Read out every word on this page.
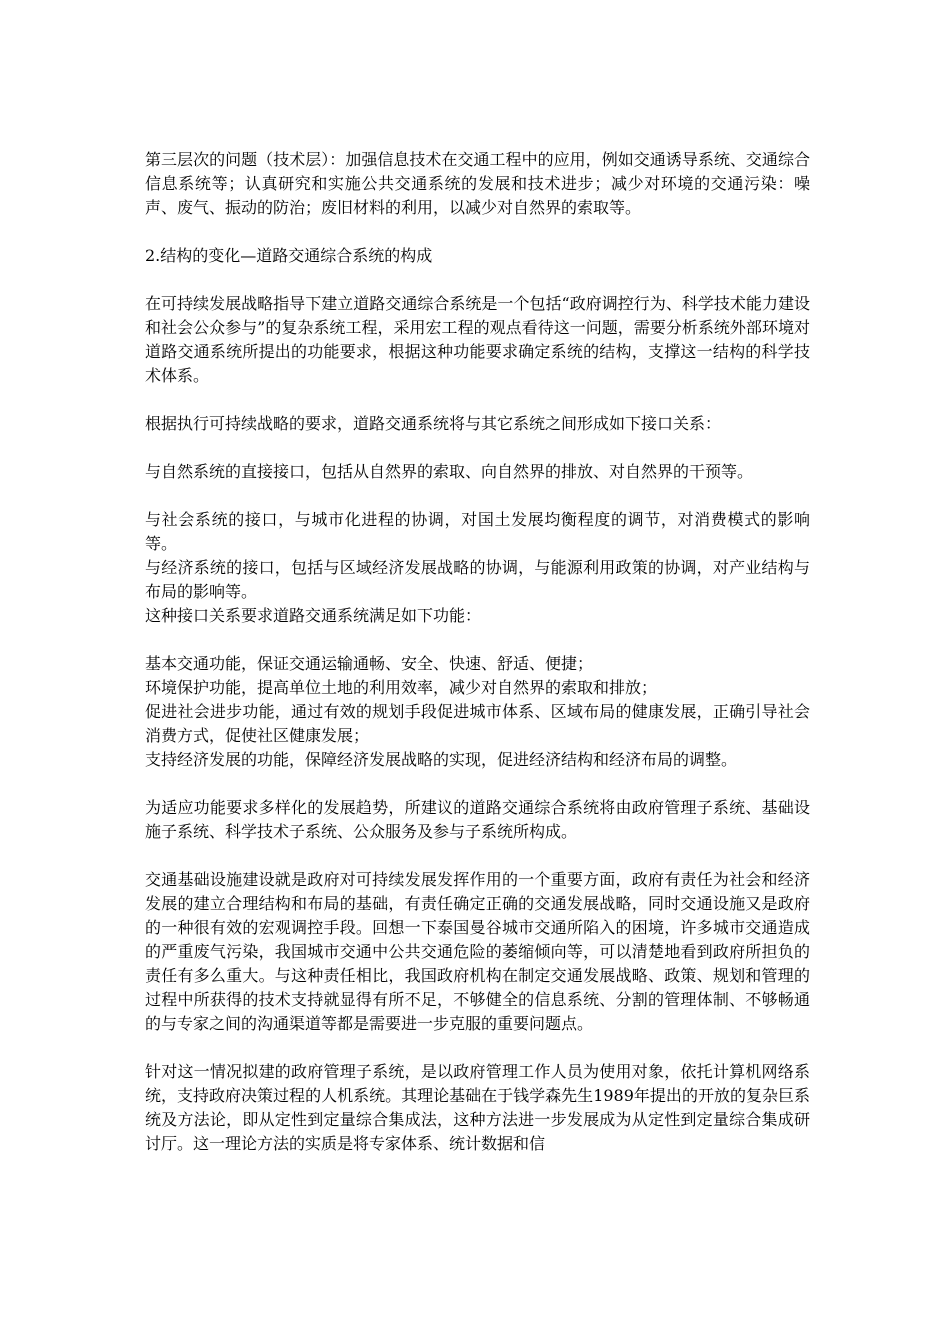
第三层次的问题（技术层）：加强信息技术在交通工程中的应用，例如交通诱导系统、交通综合信息系统等；认真研究和实施公共交通系统的发展和技术进步；减少对环境的交通污染：噪声、废气、振动的防治；废旧材料的利用，以减少对自然界的索取等。

2.结构的变化—道路交通综合系统的构成

在可持续发展战略指导下建立道路交通综合系统是一个包括“政府调控行为、科学技术能力建设和社会公众参与”的复杂系统工程，采用宏工程的观点看待这一问题，需要分析系统外部环境对道路交通系统所提出的功能要求，根据这种功能要求确定系统的结构，支撑这一结构的科学技术体系。

根据执行可持续战略的要求，道路交通系统将与其它系统之间形成如下接口关系：

与自然系统的直接接口，包括从自然界的索取、向自然界的排放、对自然界的干预等。

与社会系统的接口，与城市化进程的协调，对国土发展均衡程度的调节，对消费模式的影响等。

与经济系统的接口，包括与区域经济发展战略的协调，与能源利用政策的协调，对产业结构与布局的影响等。

这种接口关系要求道路交通系统满足如下功能：

基本交通功能，保证交通运输通畅、安全、快速、舒适、便捷；

环境保护功能，提高单位土地的利用效率，减少对自然界的索取和排放；

促进社会进步功能，通过有效的规划手段促进城市体系、区域布局的健康发展，正确引导社会消费方式，促使社区健康发展；

支持经济发展的功能，保障经济发展战略的实现，促进经济结构和经济布局的调整。

为适应功能要求多样化的发展趋势，所建议的道路交通综合系统将由政府管理子系统、基础设施子系统、科学技术子系统、公众服务及参与子系统所构成。

交通基础设施建设就是政府对可持续发展发挥作用的一个重要方面，政府有责任为社会和经济发展的建立合理结构和布局的基础，有责任确定正确的交通发展战略，同时交通设施又是政府的一种很有效的宏观调控手段。回想一下泰国曼谷城市交通所陷入的困境，许多城市交通造成的严重废气污染，我国城市交通中公共交通危险的萎缩倾向等，可以清楚地看到政府所担负的责任有多么重大。与这种责任相比，我国政府机构在制定交通发展战略、政策、规划和管理的过程中所获得的技术支持就显得有所不足，不够健全的信息系统、分割的管理体制、不够畅通的与专家之间的沟通渠道等都是需要进一步克服的重要问题点。

针对这一情况拟建的政府管理子系统，是以政府管理工作人员为使用对象，依托计算机网络系统，支持政府决策过程的人机系统。其理论基础在于钱学森先生1989年提出的开放的复杂巨系统及方法论，即从定性到定量综合集成法，这种方法进一步发展成为从定性到定量综合集成研讨厅。这一理论方法的实质是将专家体系、统计数据和信
